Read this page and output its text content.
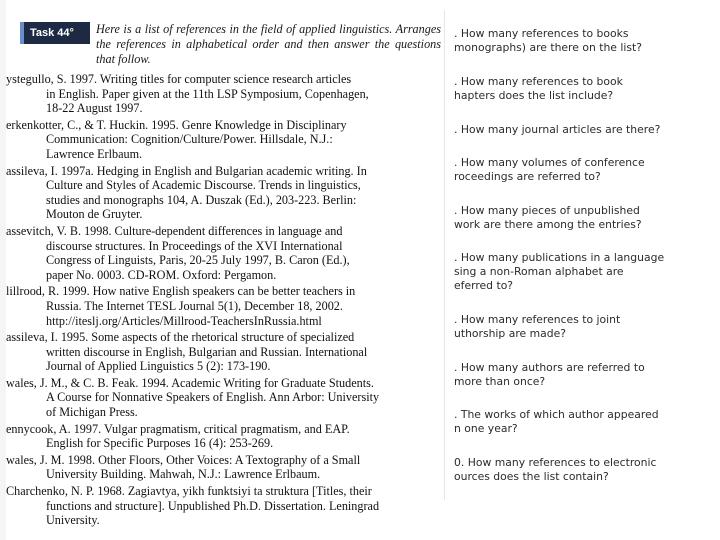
Task 44°	Here is a list of references in the field of applied linguistics. Arranges the references in alphabetical order and then answer the questions that follow.
ystegullo, S. 1997. Writing titles for computer science research articles
in English. Paper given at the 11th LSP Symposium, Copenhagen,
18-22 August 1997.
erkenkotter, C., & T. Huckin. 1995. Genre Knowledge in Disciplinary
Communication: Cognition/Culture/Power. Hillsdale, N.J.:
Lawrence Erlbaum.
assileva, I. 1997a. Hedging in English and Bulgarian academic writing. In
Culture and Styles of Academic Discourse. Trends in linguistics,
studies and monographs 104, A. Duszak (Ed.), 203-223. Berlin:
Mouton de Gruyter.
assevitch, V. B. 1998. Culture-dependent differences in language and
discourse structures. In Proceedings of the XVI International
Congress of Linguists, Paris, 20-25 July 1997, B. Caron (Ed.),
paper No. 0003. CD-ROM. Oxford: Pergamon.
lillrood, R. 1999. How native English speakers can be better teachers in
Russia. The Internet TESL Journal 5(1), December 18, 2002.
http://iteslj.org/Articles/Millrood-TeachersInRussia.html
assileva, I. 1995. Some aspects of the rhetorical structure of specialized
written discourse in English, Bulgarian and Russian. International
Journal of Applied Linguistics 5 (2): 173-190.
wales, J. M., & C. B. Feak. 1994. Academic Writing for Graduate Students.
A Course for Nonnative Speakers of English. Ann Arbor: University
of Michigan Press.
ennycook, A. 1997. Vulgar pragmatism, critical pragmatism, and EAP.
English for Specific Purposes 16 (4): 253-269.
wales, J. M. 1998. Other Floors, Other Voices: A Textography of a Small
University Building. Mahwah, N.J.: Lawrence Erlbaum.
Charchenko, N. P. 1968. Zagiavtya, yikh funktsiyi ta struktura [Titles, their
functions and structure]. Unpublished Ph.D. Dissertation. Leningrad
University.
. How many references to books
monographs) are there on the list?
. How many references to book
hapters does the list include?
. How many journal articles are there?
. How many volumes of conference
roceedings are referred to?
. How many pieces of unpublished
work are there among the entries?
. How many publications in a language
sing a non-Roman alphabet are
eferred to?
. How many references to joint
uthorship are made?
. How many authors are referred to
more than once?
. The works of which author appeared
n one year?
0. How many references to electronic
ources does the list contain?
